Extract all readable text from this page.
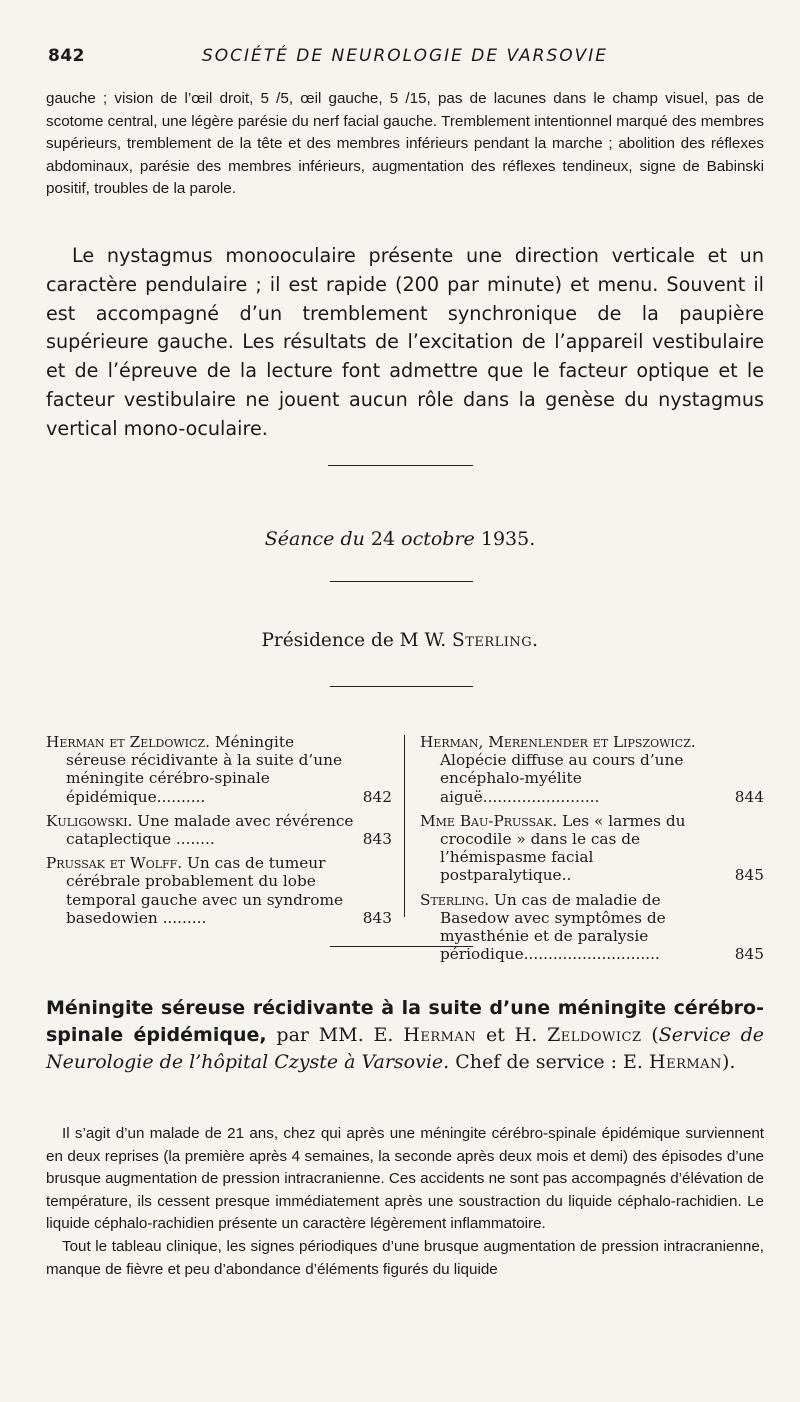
842	SOCIÉTÉ DE NEUROLOGIE DE VARSOVIE
gauche ; vision de l’œil droit, 5 /5, œil gauche, 5 /15, pas de lacunes dans le champ visuel, pas de scotome central, une légère parésie du nerf facial gauche. Tremblement intentionnel marqué des membres supérieurs, tremblement de la tête et des membres inférieurs pendant la marche ; abolition des réflexes abdominaux, parésie des membres inférieurs, augmentation des réflexes tendineux, signe de Babinski positif, troubles de la parole.
Le nystagmus monooculaire présente une direction verticale et un caractère pendulaire ; il est rapide (200 par minute) et menu. Souvent il est accompagné d’un tremblement synchronique de la paupière supérieure gauche. Les résultats de l’excitation de l’appareil vestibulaire et de l’épreuve de la lecture font admettre que le facteur optique et le facteur vestibulaire ne jouent aucun rôle dans la genèse du nystagmus vertical mono-oculaire.
Séance du 24 octobre 1935.
Présidence de M W. Sterling.
Herman et Zeldowicz. Méningite séreuse récidivante à la suite d’une méningite cérébro-spinale épidémique..........	842
Kuligowski. Une malade avec révérence cataplectique ........	843
Prussak et Wolff. Un cas de tumeur cérébrale probablement du lobe temporal gauche avec un syndrome basedowien .........	843
Herman, Merenlender et Lipszowicz. Alopécie diffuse au cours d’une encéphalo-myélite aiguë........................	844
Mme Bau-Prussak. Les « larmes du crocodile » dans le cas de l’hémispasme facial postparalytique..	845
Sterling. Un cas de maladie de Basedow avec symptômes de myasthénie et de paralysie périodique............................	845
Méningite séreuse récidivante à la suite d’une méningite cérébro-spinale épidémique, par MM. E. Herman et H. Zeldowicz (Service de Neurologie de l’hôpital Czyste à Varsovie. Chef de service : E. Herman).

Il s’agit d’un malade de 21 ans, chez qui après une méningite cérébro-spinale épidémique surviennent en deux reprises (la première après 4 semaines, la seconde après deux mois et demi) des épisodes d’une brusque augmentation de pression intracranienne. Ces accidents ne sont pas accompagnés d’élévation de température, ils cessent presque immédiatement après une soustraction du liquide céphalo-rachidien. Le liquide céphalo-rachidien présente un caractère légèrement inflammatoire.

Tout le tableau clinique, les signes périodiques d’une brusque augmentation de pression intracranienne, manque de fièvre et peu d’abondance d’éléments figurés du liquide
